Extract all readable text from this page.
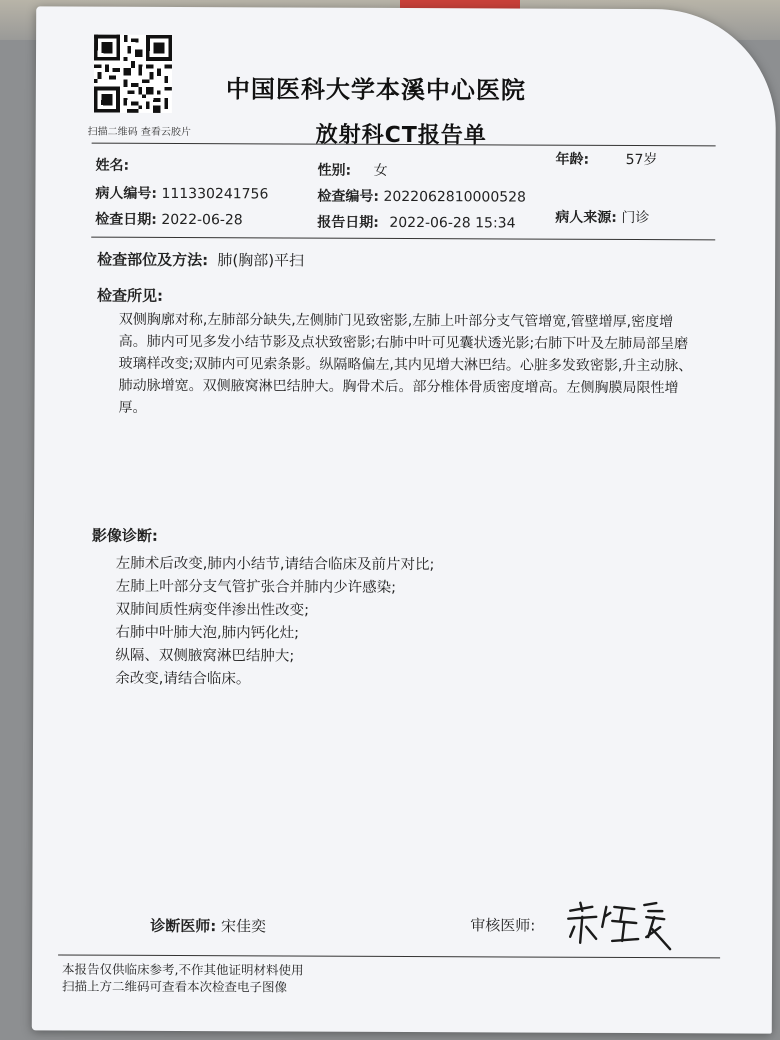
扫描二维码 查看云胶片
中国医科大学本溪中心医院
放射科CT报告单
姓名:	性别: 女
年龄:	57岁
病人编号: 111330241756	检查编号: 2022062810000528
检查日期: 2022-06-28	报告日期: 2022-06-28 15:34	病人来源: 门诊
检查部位及方法: 肺(胸部)平扫
检查所见:
双侧胸廓对称,左肺部分缺失,左侧肺门见致密影,左肺上叶部分支气管增宽,管壁增厚,密度增高。肺内可见多发小结节影及点状致密影;右肺中叶可见囊状透光影;右肺下叶及左肺局部呈磨玻璃样改变;双肺内可见索条影。纵隔略偏左,其内见增大淋巴结。心脏多发致密影,升主动脉、肺动脉增宽。双侧腋窝淋巴结肿大。胸骨术后。部分椎体骨质密度增高。左侧胸膜局限性增厚。
影像诊断:
左肺术后改变,肺内小结节,请结合临床及前片对比;
左肺上叶部分支气管扩张合并肺内少许感染;
双肺间质性病变伴渗出性改变;
右肺中叶肺大泡,肺内钙化灶;
纵隔、双侧腋窝淋巴结肿大;
余改变,请结合临床。
诊断医师: 宋佳奕	审核医师:
本报告仅供临床参考,不作其他证明材料使用
扫描上方二维码可查看本次检查电子图像
